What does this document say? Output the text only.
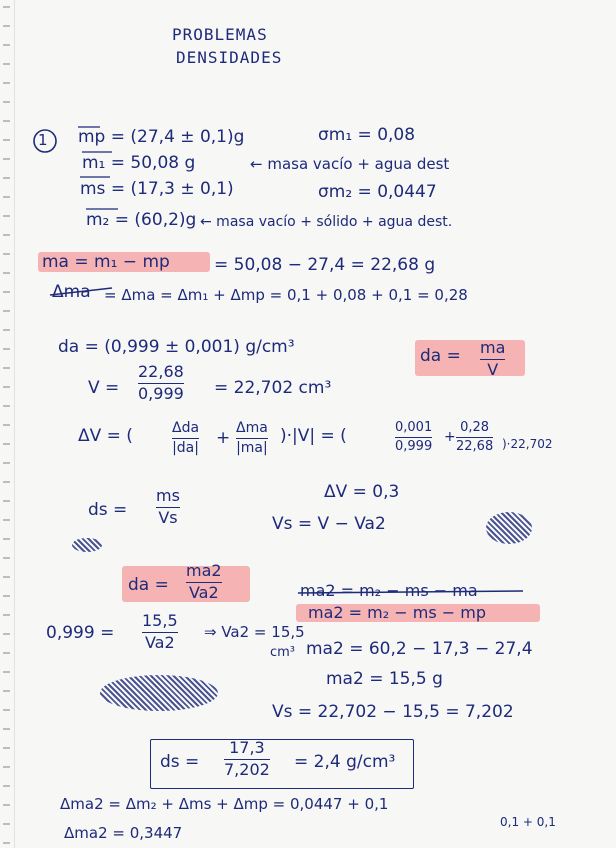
PROBLEMAS
DENSIDADES
1 mp = (27,4 ± 0,1)g	σm₁ = 0,08
m₁ = 50,08 g	← masa vacío + agua dest
ms = (17,3 ± 0,1)	σm₂ = 0,0447
m₂ = (60,2)g ← masa vacío + sólido + agua dest.
ma = m₁ − mp	= 50,08 − 27,4 = 22,68 g
Δma = Δma = Δm₁ + Δmp = 0,1 + 0,08 + 0,1 = 0,28
da = (0,999 ± 0,001) g/cm³	da = ma
V
V =
22,68
0,999 = 22,702 cm³
ΔV = (	Δda
|da|
+ Δma
|ma|
)·|V| = (	0,001
0,999
+
0,28
22,68 )·22,702
ΔV = 0,3
ds =
ms
Vs	Vs = V − Va2
da =
ma2
Va2	ma2 = m₂ − ms − ma
ma2 = m₂ − ms − mp
0,999 =
15,5
Va2
⇒ Va2 = 15,5
cm³ ma2 = 60,2 − 17,3 − 27,4
ma2 = 15,5 g
Vs = 22,702 − 15,5 = 7,202
ds =
17,3
7,202 = 2,4 g/cm³
Δma2 = Δm₂ + Δms + Δmp = 0,0447 + 0,1
0,1 + 0,1
Δma2 = 0,3447
